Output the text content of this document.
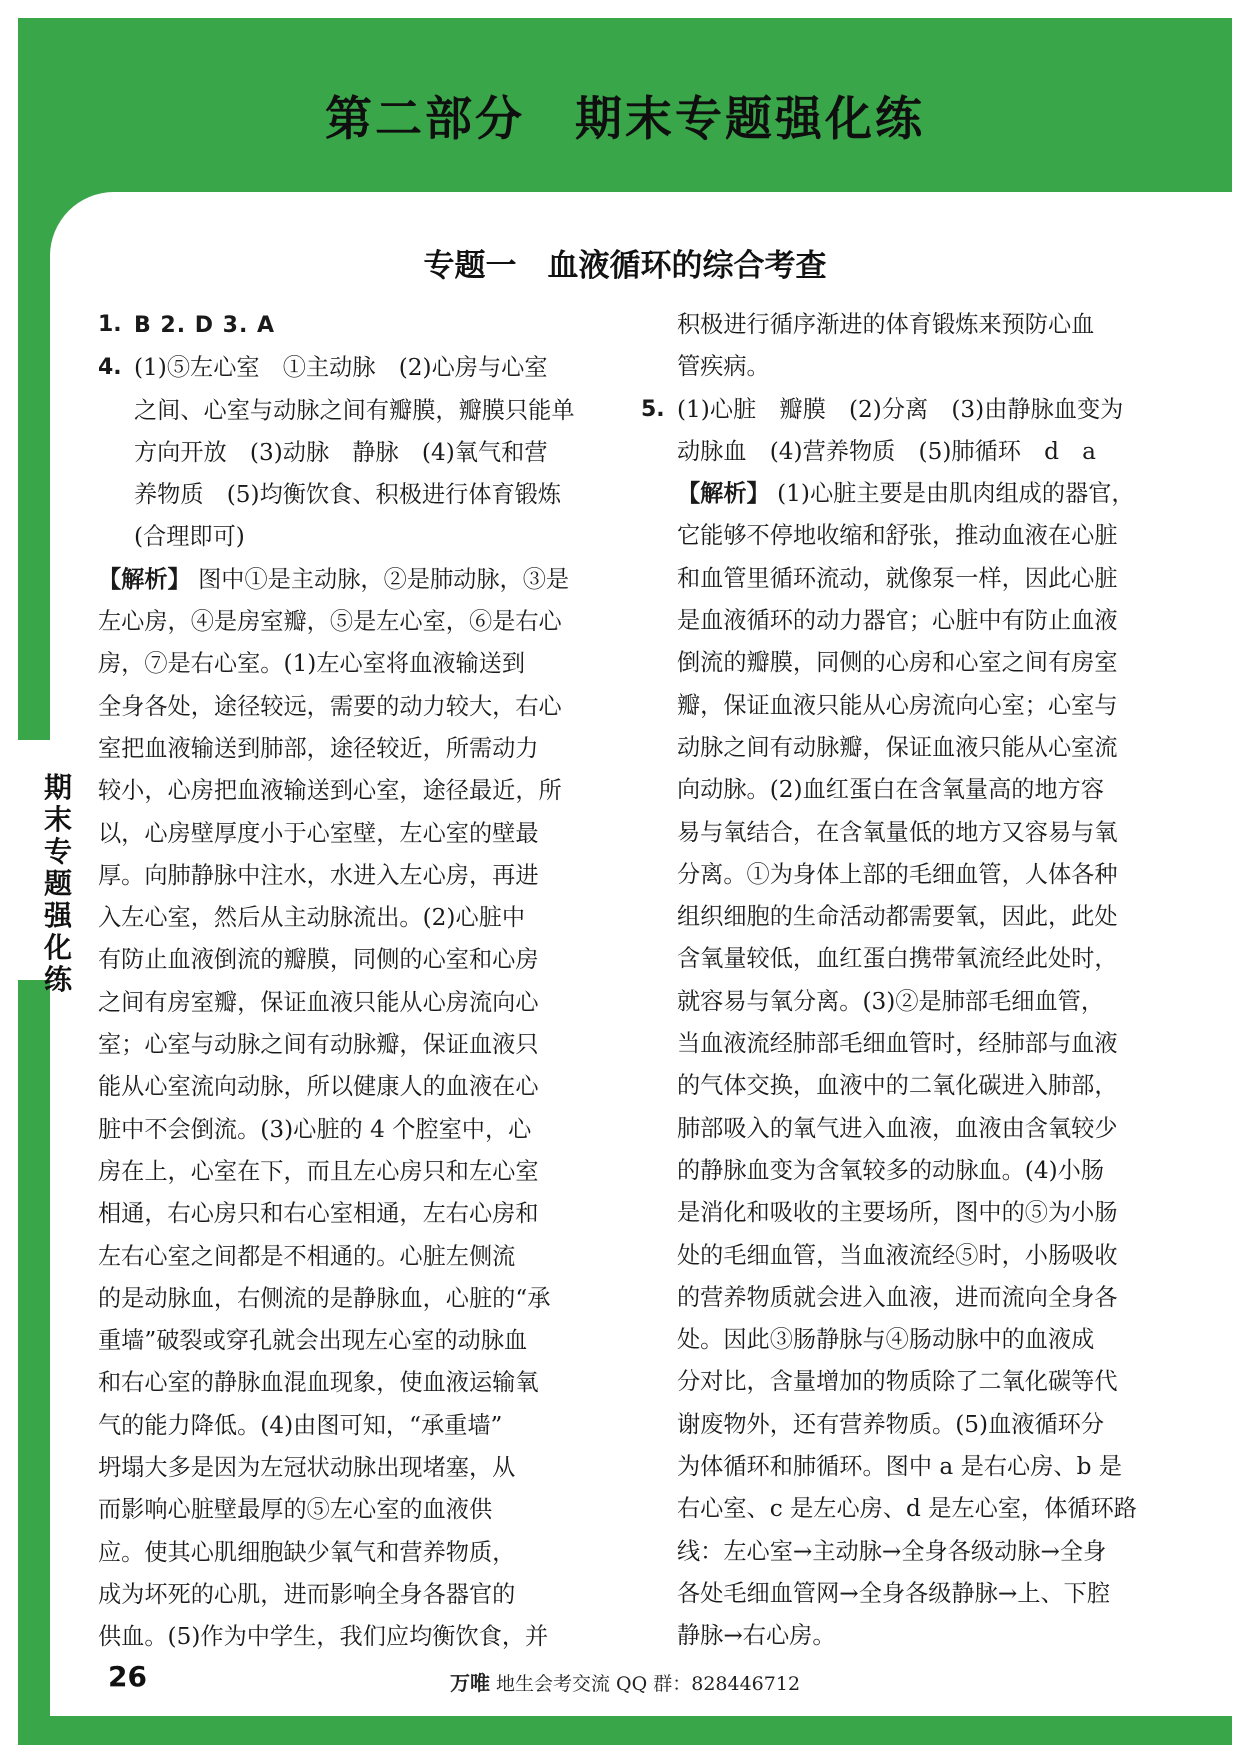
第二部分　期末专题强化练
专题一　血液循环的综合考查
期
末
专
题
强
化
练
1. B 2. D 3. A
4. (1)⑤左心室　①主动脉　(2)心房与心室
之间、心室与动脉之间有瓣膜，瓣膜只能单
方向开放　(3)动脉　静脉　(4)氧气和营
养物质　(5)均衡饮食、积极进行体育锻炼
(合理即可)
【解析】 图中①是主动脉，②是肺动脉，③是
左心房，④是房室瓣，⑤是左心室，⑥是右心
房，⑦是右心室。(1)左心室将血液输送到
全身各处，途径较远，需要的动力较大，右心
室把血液输送到肺部，途径较近，所需动力
较小，心房把血液输送到心室，途径最近，所
以，心房壁厚度小于心室壁，左心室的壁最
厚。向肺静脉中注水，水进入左心房，再进
入左心室，然后从主动脉流出。(2)心脏中
有防止血液倒流的瓣膜，同侧的心室和心房
之间有房室瓣，保证血液只能从心房流向心
室；心室与动脉之间有动脉瓣，保证血液只
能从心室流向动脉，所以健康人的血液在心
脏中不会倒流。(3)心脏的 4 个腔室中，心
房在上，心室在下，而且左心房只和左心室
相通，右心房只和右心室相通，左右心房和
左右心室之间都是不相通的。心脏左侧流
的是动脉血，右侧流的是静脉血，心脏的“承
重墙”破裂或穿孔就会出现左心室的动脉血
和右心室的静脉血混血现象，使血液运输氧
气的能力降低。(4)由图可知，“承重墙”
坍塌大多是因为左冠状动脉出现堵塞，从
而影响心脏壁最厚的⑤左心室的血液供
应。使其心肌细胞缺少氧气和营养物质，
成为坏死的心肌，进而影响全身各器官的
供血。(5)作为中学生，我们应均衡饮食，并
积极进行循序渐进的体育锻炼来预防心血
管疾病。
5. (1)心脏　瓣膜　(2)分离　(3)由静脉血变为
动脉血　(4)营养物质　(5)肺循环　d　a
【解析】 (1)心脏主要是由肌肉组成的器官，
它能够不停地收缩和舒张，推动血液在心脏
和血管里循环流动，就像泵一样，因此心脏
是血液循环的动力器官；心脏中有防止血液
倒流的瓣膜，同侧的心房和心室之间有房室
瓣，保证血液只能从心房流向心室；心室与
动脉之间有动脉瓣，保证血液只能从心室流
向动脉。(2)血红蛋白在含氧量高的地方容
易与氧结合，在含氧量低的地方又容易与氧
分离。①为身体上部的毛细血管，人体各种
组织细胞的生命活动都需要氧，因此，此处
含氧量较低，血红蛋白携带氧流经此处时，
就容易与氧分离。(3)②是肺部毛细血管，
当血液流经肺部毛细血管时，经肺部与血液
的气体交换，血液中的二氧化碳进入肺部，
肺部吸入的氧气进入血液，血液由含氧较少
的静脉血变为含氧较多的动脉血。(4)小肠
是消化和吸收的主要场所，图中的⑤为小肠
处的毛细血管，当血液流经⑤时，小肠吸收
的营养物质就会进入血液，进而流向全身各
处。因此③肠静脉与④肠动脉中的血液成
分对比，含量增加的物质除了二氧化碳等代
谢废物外，还有营养物质。(5)血液循环分
为体循环和肺循环。图中 a 是右心房、b 是
右心室、c 是左心房、d 是左心室，体循环路
线：左心室→主动脉→全身各级动脉→全身
各处毛细血管网→全身各级静脉→上、下腔
静脉→右心房。
26	万唯 地生会考交流 QQ 群：828446712
